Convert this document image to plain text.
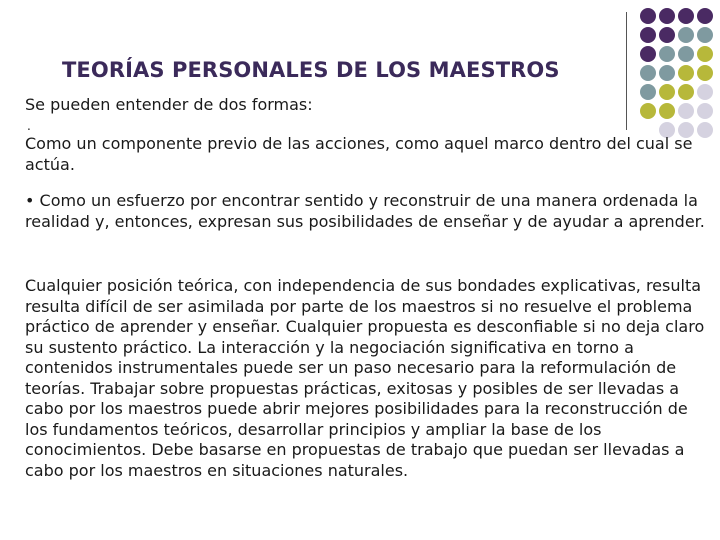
TEORÍAS PERSONALES DE LOS MAESTROS
Se pueden entender de dos formas:
.
Como un componente previo de las acciones, como aquel marco dentro del cual se actúa.
• Como un esfuerzo por encontrar sentido y reconstruir de una manera ordenada la realidad y, entonces, expresan sus posibilidades de enseñar y de ayudar a aprender.
Cualquier posición teórica, con independencia de sus bondades explicativas, resulta resulta difícil de ser asimilada por parte de los maestros si no resuelve el problema práctico de aprender y enseñar. Cualquier propuesta es desconfiable si no deja claro su sustento práctico. La interacción y la negociación significativa en torno a contenidos instrumentales puede ser un paso necesario para la reformulación de teorías. Trabajar sobre propuestas prácticas, exitosas y posibles de ser llevadas a cabo por los maestros puede abrir mejores posibilidades para la reconstrucción de los fundamentos teóricos, desarrollar principios y ampliar la base de los conocimientos. Debe basarse en propuestas de trabajo que puedan ser llevadas a cabo por los maestros en situaciones naturales.
